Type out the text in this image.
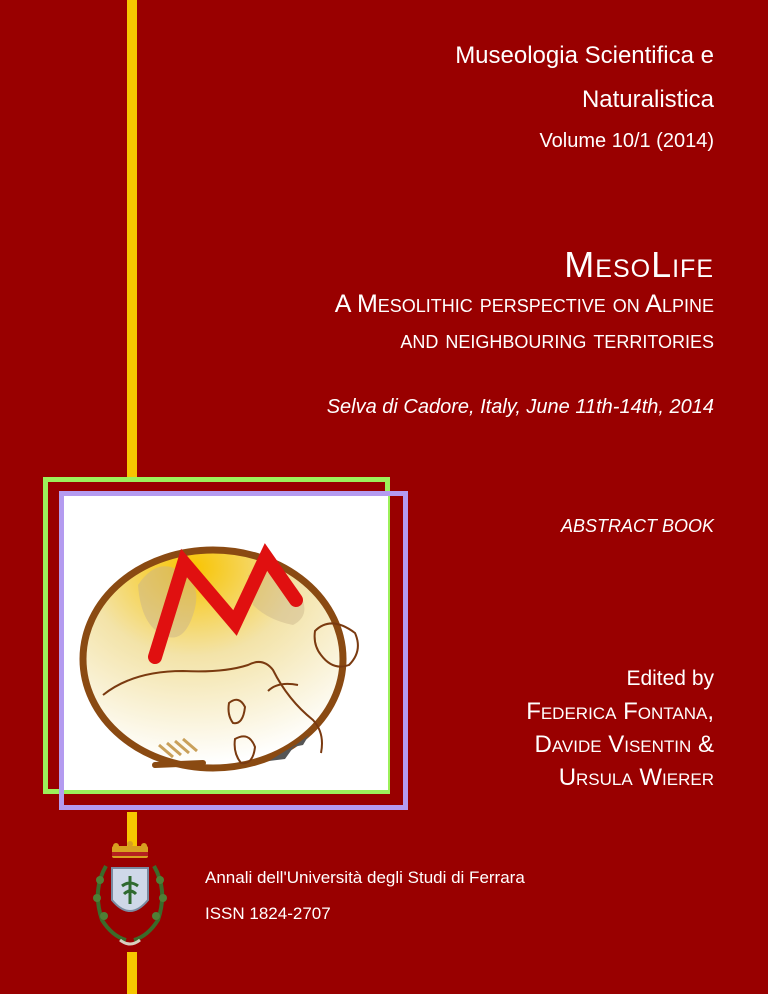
Museologia Scientifica e
Naturalistica
Volume 10/1 (2014)
MesoLife
A Mesolithic perspective on Alpine
and neighbouring territories
Selva di Cadore, Italy, June 11th-14th, 2014
ABSTRACT BOOK
Edited by
Federica Fontana,
Davide Visentin &
Ursula Wierer
Annali dell'Università degli Studi di Ferrara
ISSN 1824-2707
